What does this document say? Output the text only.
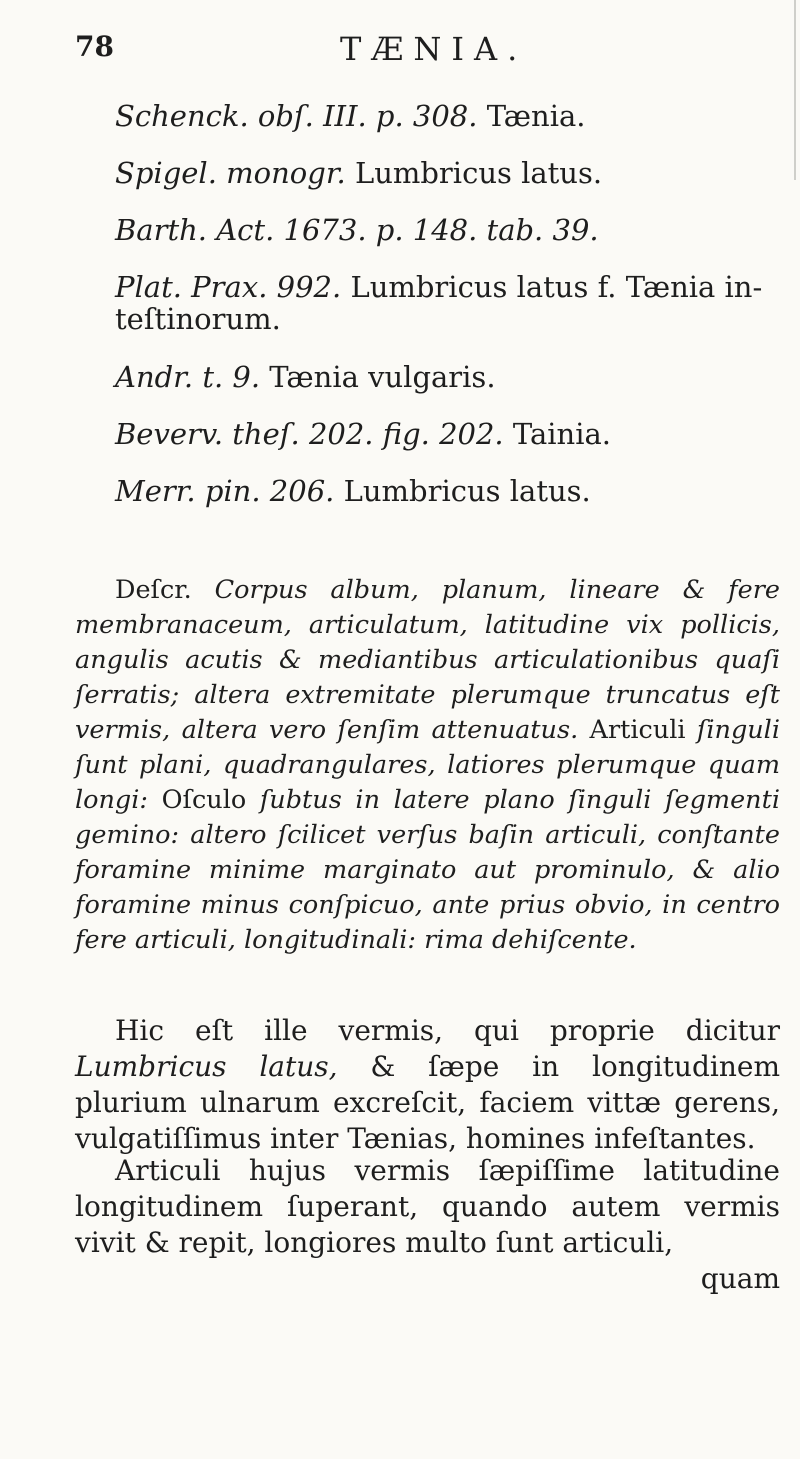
78	TÆNIA.
Schenck. obſ. III. p. 308. Tænia.
Spigel. monogr. Lumbricus latus.
Barth. Act. 1673. p. 148. tab. 39.
Plat. Prax. 992. Lumbricus latus f. Tænia in-
teſtinorum.
Andr. t. 9. Tænia vulgaris.
Beverv. theſ. 202. fig. 202. Tainia.
Merr. pin. 206. Lumbricus latus.
Deſcr. Corpus album, planum, lineare & fere membranaceum, articulatum, latitudine vix pollicis, angulis acutis & mediantibus articulationibus quaſi ſerratis; altera extremitate plerumque truncatus eſt vermis, altera vero ſenſim attenuatus. Articuli ſinguli ſunt plani, quadrangulares, latiores plerumque quam longi: Oſculo ſubtus in latere plano ſinguli ſegmenti gemino: altero ſcilicet verſus baſin articuli, conſtante foramine minime marginato aut prominulo, & alio foramine minus conſpicuo, ante prius obvio, in centro fere articuli, longitudinali: rima dehiſcente.
Hic eſt ille vermis, qui proprie dicitur Lumbricus latus, & ſæpe in longitudinem plurium ulnarum excreſcit, faciem vittæ gerens, vulgatiſſimus inter Tænias, homines infeſtantes.
Articuli hujus vermis ſæpiſſime latitudine longitudinem ſuperant, quando autem vermis vivit & repit, longiores multo ſunt articuli,
quam
